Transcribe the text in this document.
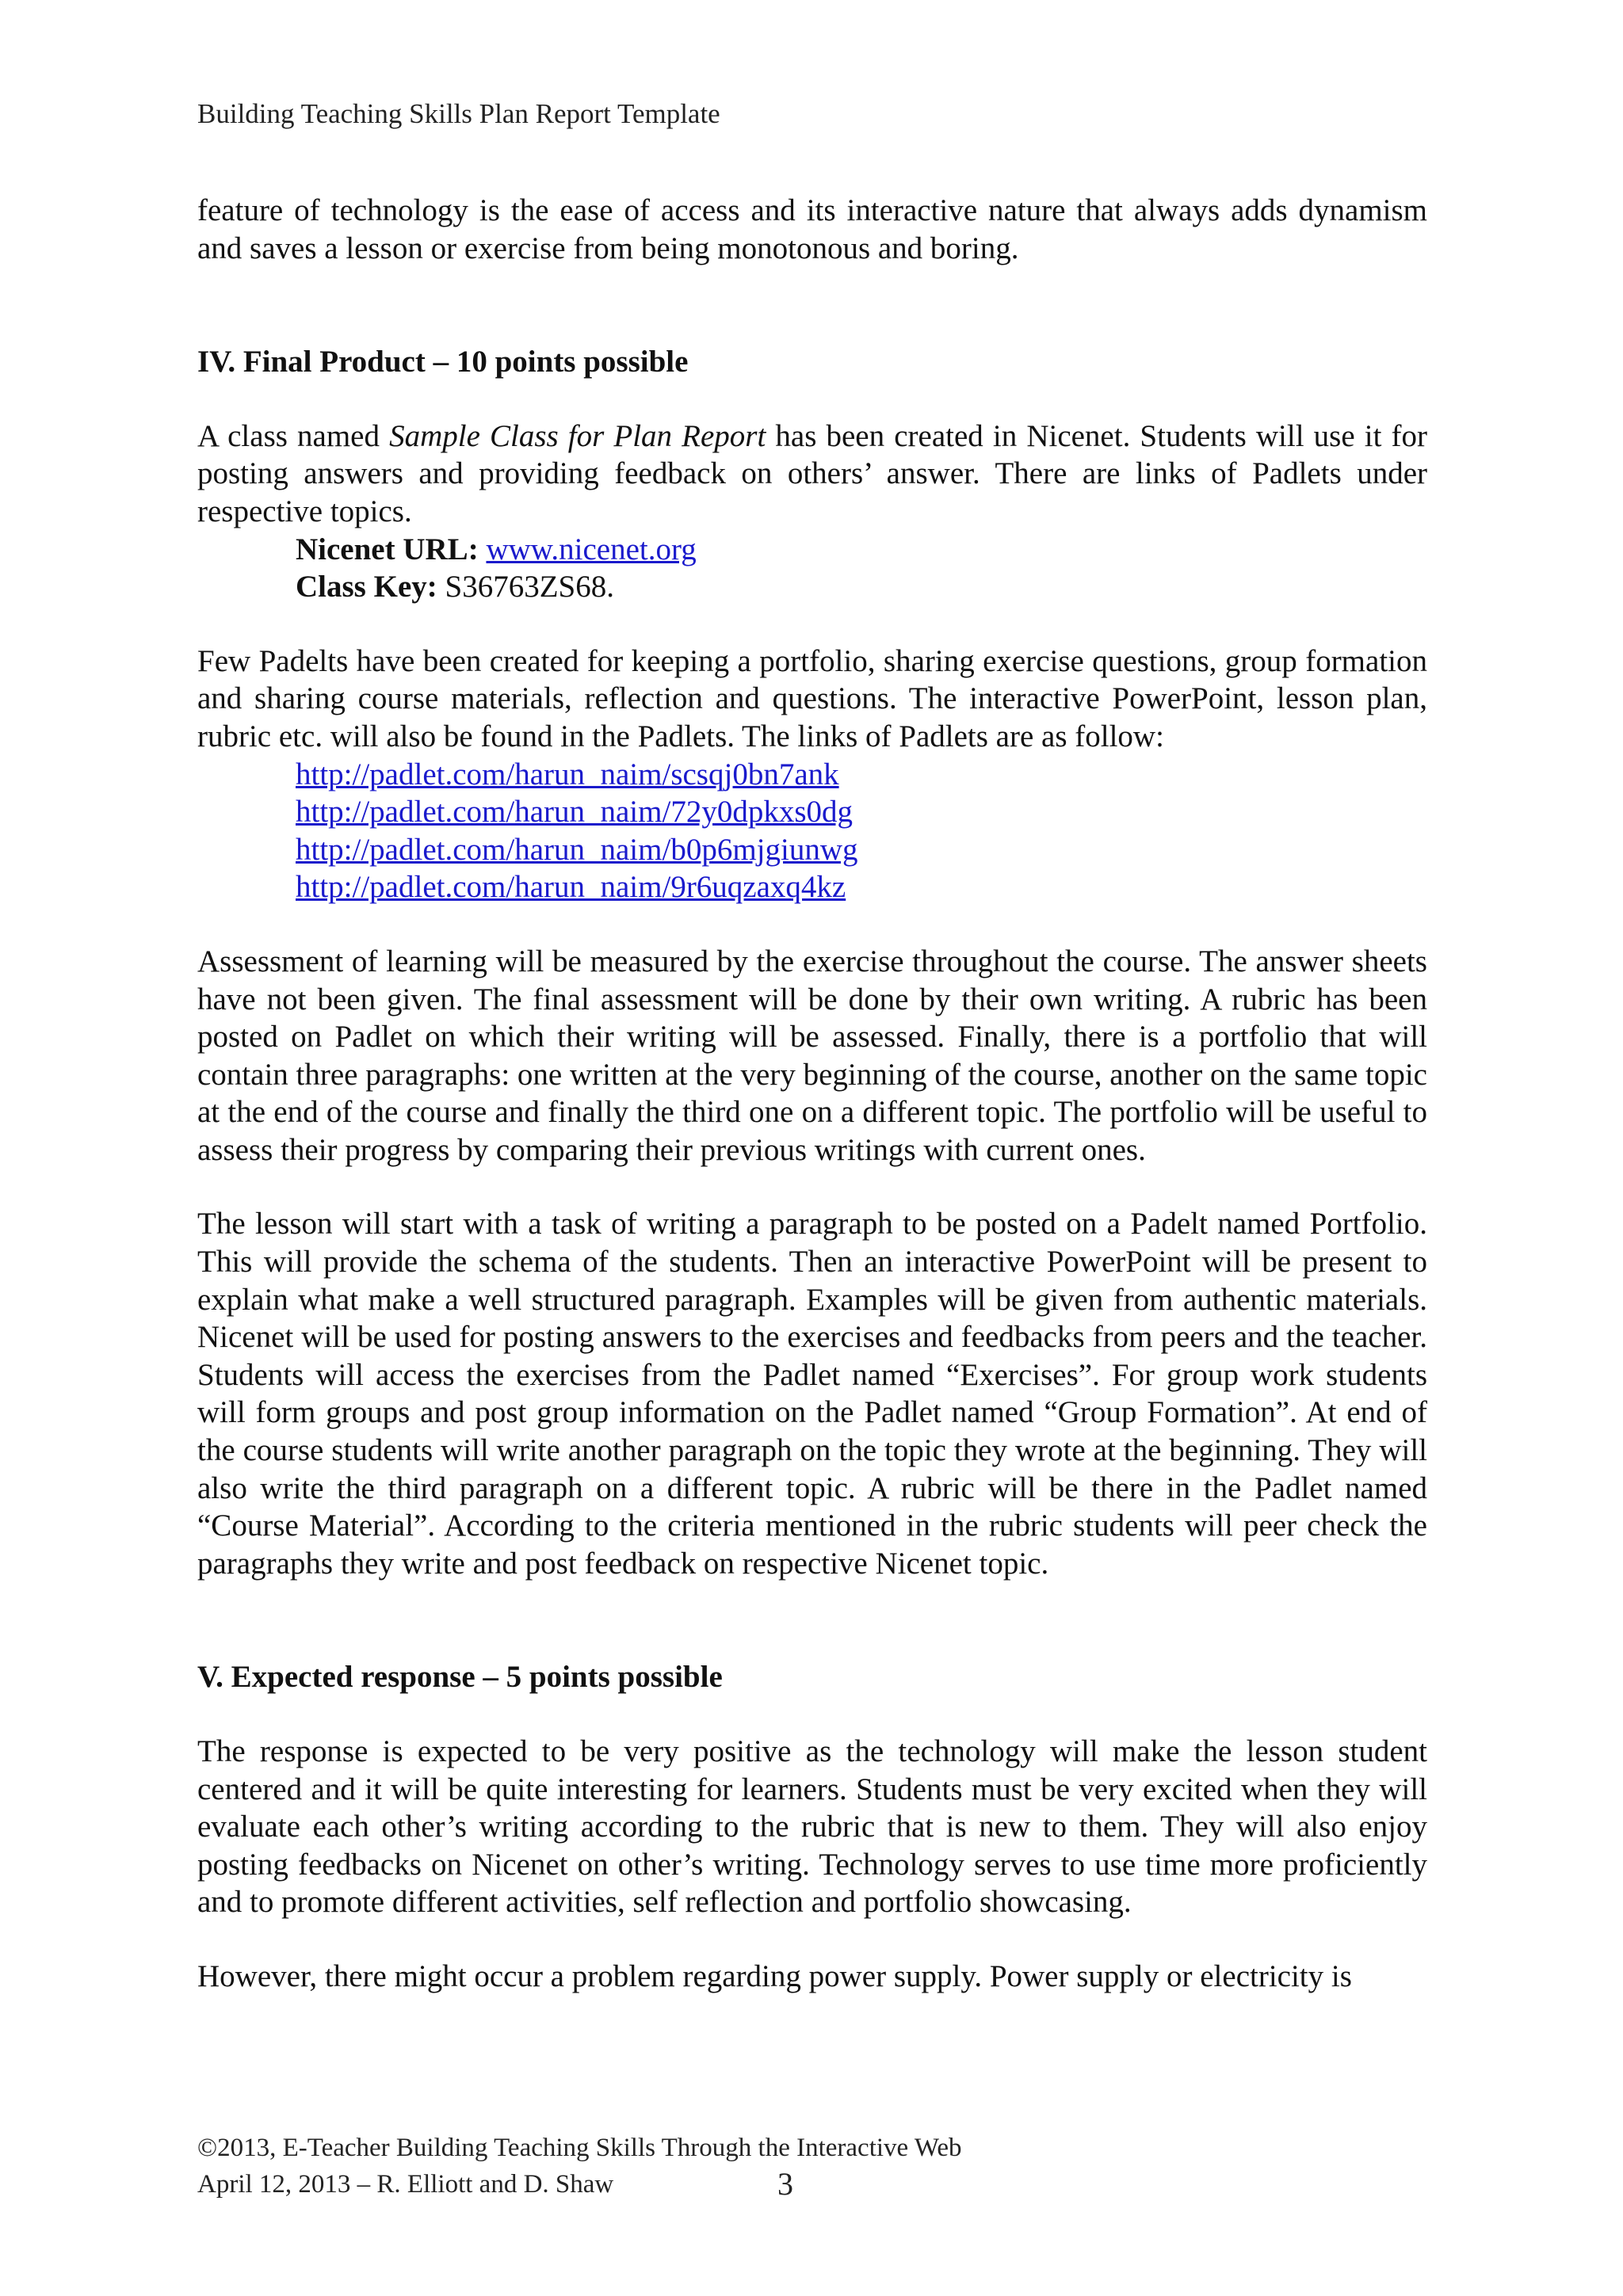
Building Teaching Skills Plan Report Template

feature of technology is the ease of access and its interactive nature that always adds dynamism and saves a lesson or exercise from being monotonous and boring.

IV. Final Product – 10 points possible

A class named Sample Class for Plan Report has been created in Nicenet. Students will use it for posting answers and providing feedback on others’ answer. There are links of Padlets under respective topics.

Nicenet URL: www.nicenet.org
Class Key: S36763ZS68.

Few Padelts have been created for keeping a portfolio, sharing exercise questions, group formation and sharing course materials, reflection and questions. The interactive PowerPoint, lesson plan, rubric etc. will also be found in the Padlets. The links of Padlets are as follow:

http://padlet.com/harun_naim/scsqj0bn7ank
http://padlet.com/harun_naim/72y0dpkxs0dg
http://padlet.com/harun_naim/b0p6mjgiunwg
http://padlet.com/harun_naim/9r6uqzaxq4kz

Assessment of learning will be measured by the exercise throughout the course. The answer sheets have not been given. The final assessment will be done by their own writing. A rubric has been posted on Padlet on which their writing will be assessed. Finally, there is a portfolio that will contain three paragraphs: one written at the very beginning of the course, another on the same topic at the end of the course and finally the third one on a different topic. The portfolio will be useful to assess their progress by comparing their previous writings with current ones.

The lesson will start with a task of writing a paragraph to be posted on a Padelt named Portfolio. This will provide the schema of the students. Then an interactive PowerPoint will be present to explain what make a well structured paragraph. Examples will be given from authentic materials. Nicenet will be used for posting answers to the exercises and feedbacks from peers and the teacher. Students will access the exercises from the Padlet named “Exercises”. For group work students will form groups and post group information on the Padlet named “Group Formation”. At end of the course students will write another paragraph on the topic they wrote at the beginning. They will also write the third paragraph on a different topic. A rubric will be there in the Padlet named “Course Material”. According to the criteria mentioned in the rubric students will peer check the paragraphs they write and post feedback on respective Nicenet topic.

V. Expected response – 5 points possible

The response is expected to be very positive as the technology will make the lesson student centered and it will be quite interesting for learners. Students must be very excited when they will evaluate each other’s writing according to the rubric that is new to them. They will also enjoy posting feedbacks on Nicenet on other’s writing. Technology serves to use time more proficiently and to promote different activities, self reflection and portfolio showcasing.

However, there might occur a problem regarding power supply. Power supply or electricity is

©2013, E-Teacher Building Teaching Skills Through the Interactive Web
April 12, 2013 – R. Elliott and D. Shaw	3
